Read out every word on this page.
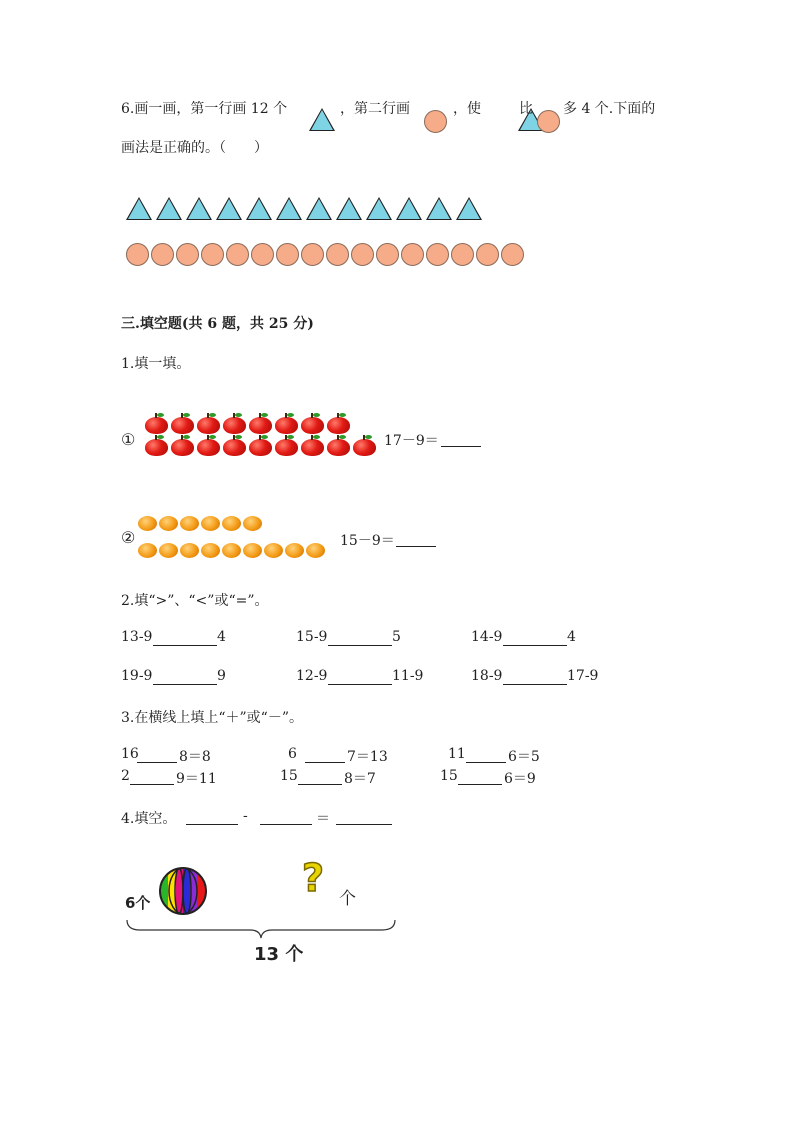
6.画一画，第一行画 12 个
	，第二行画	，使	比 多 4 个.下面的
画法是正确的。（　　）
三.填空题(共 6 题，共 25 分)
1.填一填。
①	17－9＝
②	15－9＝
2.填“>”、“<”或“=”。
13-9	4	15-9	5	14-9	4
19-9	9	12-9	11-9	18-9	17-9
3.在横线上填上“＋”或“－”。
16	8＝8	6	7＝13	11	6＝5
2	9＝11	15	8＝7	15	6＝9
4.填空。	-	＝
6个
? 个
13 个
